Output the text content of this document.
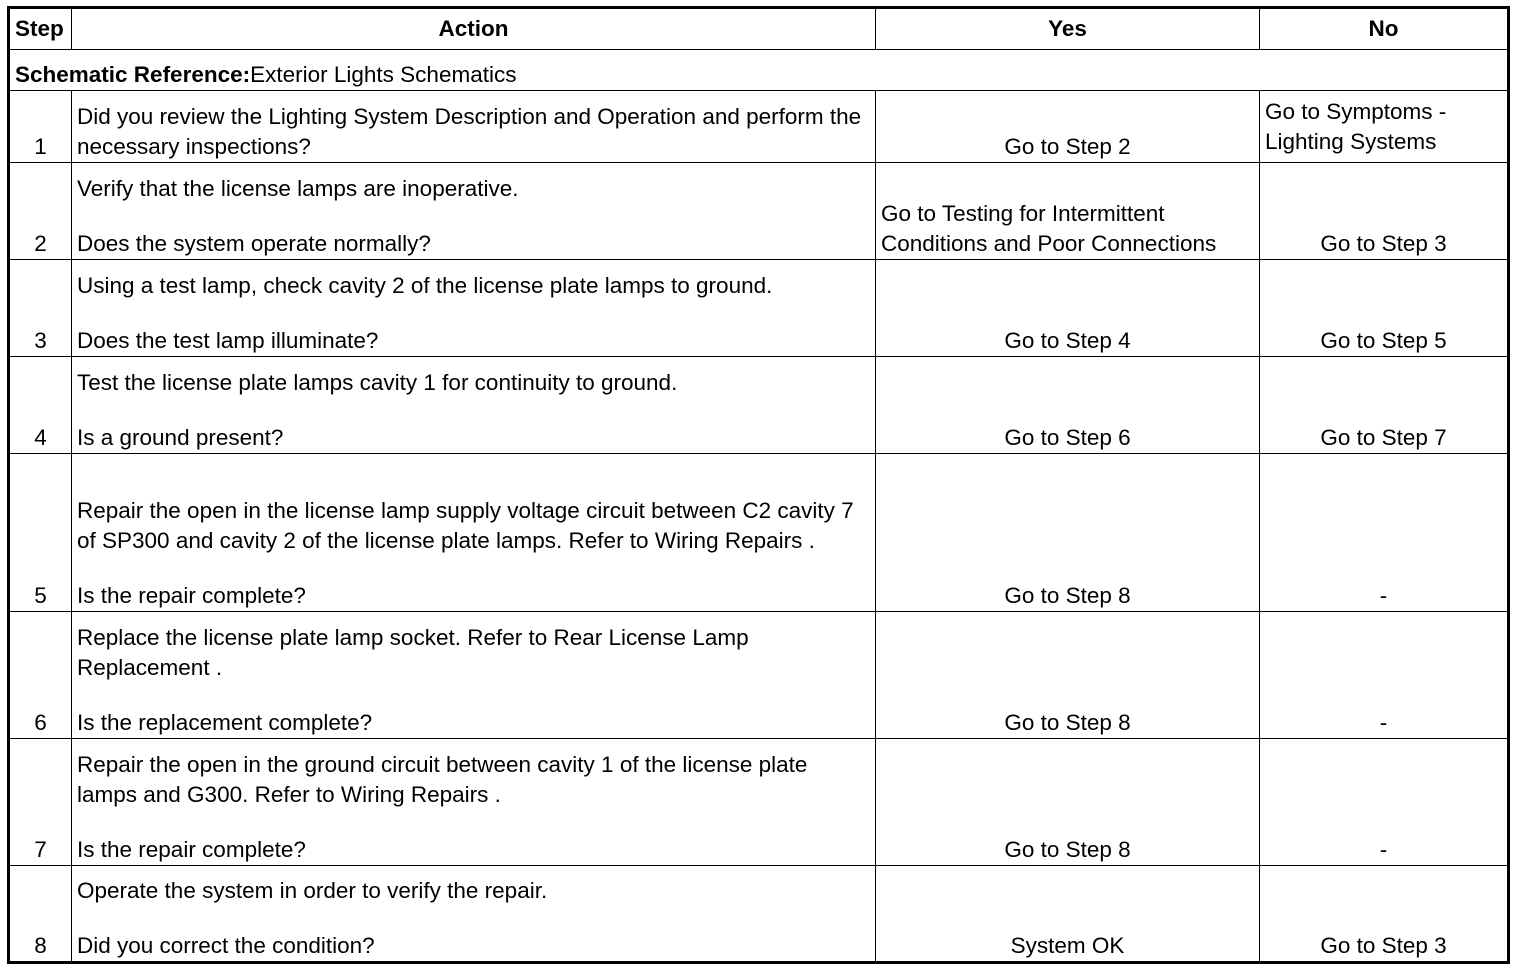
Step	Action	Yes	No
Schematic Reference:Exterior Lights Schematics			
1	Did you review the Lighting System Description and Operation and perform the necessary inspections?	Go to Step 2	Go to Symptoms - Lighting Systems
2	Verify that the license lamps are inoperative.
Does the system operate normally?	Go to Testing for Intermittent Conditions and Poor Connections	Go to Step 3
3	Using a test lamp, check cavity 2 of the license plate lamps to ground.
Does the test lamp illuminate?	Go to Step 4	Go to Step 5
4	Test the license plate lamps cavity 1 for continuity to ground.
Is a ground present?	Go to Step 6	Go to Step 7
5	Repair the open in the license lamp supply voltage circuit between C2 cavity 7 of SP300 and cavity 2 of the license plate lamps. Refer to Wiring Repairs .
Is the repair complete?	Go to Step 8	-
6	Replace the license plate lamp socket. Refer to Rear License Lamp Replacement .
Is the replacement complete?	Go to Step 8	-
7	Repair the open in the ground circuit between cavity 1 of the license plate lamps and G300. Refer to Wiring Repairs .
Is the repair complete?	Go to Step 8	-
8	Operate the system in order to verify the repair.
Did you correct the condition?	System OK	Go to Step 3
